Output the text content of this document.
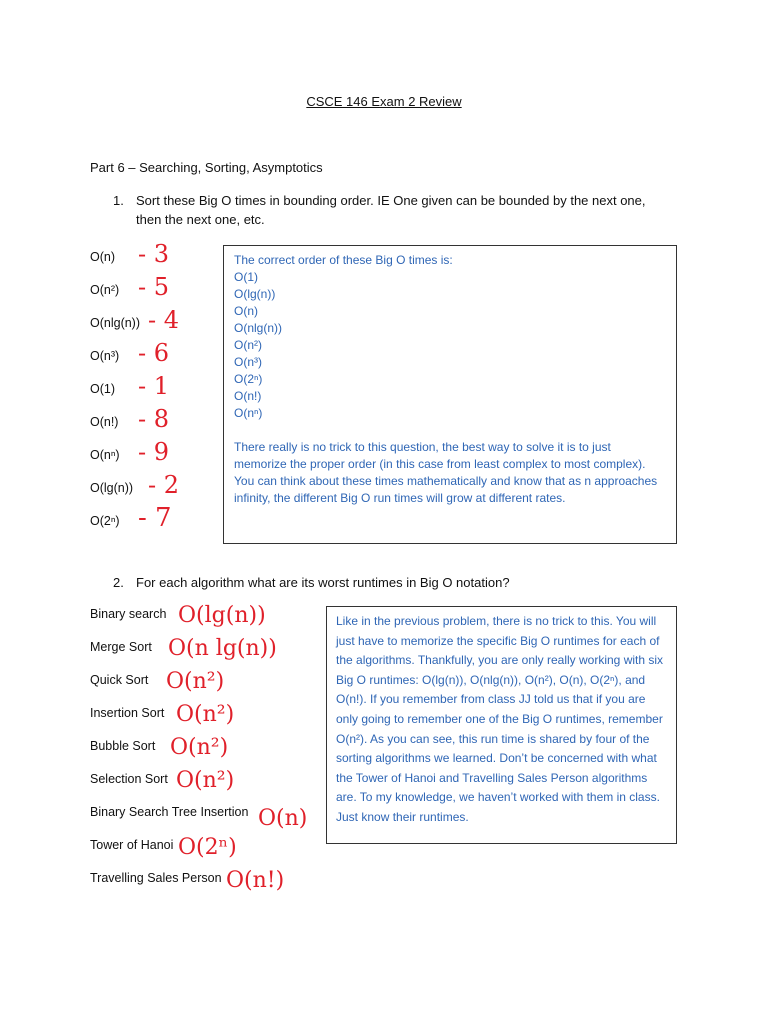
CSCE 146 Exam 2 Review
Part 6 – Searching, Sorting, Asymptotics
1. Sort these Big O times in bounding order. IE One given can be bounded by the next one, then the next one, etc.
O(n)
O(n²)
O(nlg(n))
O(n³)
O(1)
O(n!)
O(nⁿ)
O(lg(n))
O(2ⁿ)
- 3
- 5
- 4
- 6
- 1
- 8
- 9
- 2
- 7
The correct order of these Big O times is:
O(1)
O(lg(n))
O(n)
O(nlg(n))
O(n²)
O(n³)
O(2ⁿ)
O(n!)
O(nⁿ)
There really is no trick to this question, the best way to solve it is to just memorize the proper order (in this case from least complex to most complex). You can think about these times mathematically and know that as n approaches infinity, the different Big O run times will grow at different rates.
2. For each algorithm what are its worst runtimes in Big O notation?
Binary search
Merge Sort
Quick Sort
Insertion Sort
Bubble Sort
Selection Sort
Binary Search Tree Insertion
Tower of Hanoi
Travelling Sales Person
O(lg(n))
O(n lg(n))
O(n²)
O(n²)
O(n²)
O(n²)
O(n)
O(2ⁿ)
O(n!)
Like in the previous problem, there is no trick to this. You will just have to memorize the specific Big O runtimes for each of the algorithms. Thankfully, you are only really working with six Big O runtimes: O(lg(n)), O(nlg(n)), O(n²), O(n), O(2ⁿ), and O(n!). If you remember from class JJ told us that if you are only going to remember one of the Big O runtimes, remember O(n²). As you can see, this run time is shared by four of the sorting algorithms we learned. Don’t be concerned with what the Tower of Hanoi and Travelling Sales Person algorithms are. To my knowledge, we haven’t worked with them in class. Just know their runtimes.
